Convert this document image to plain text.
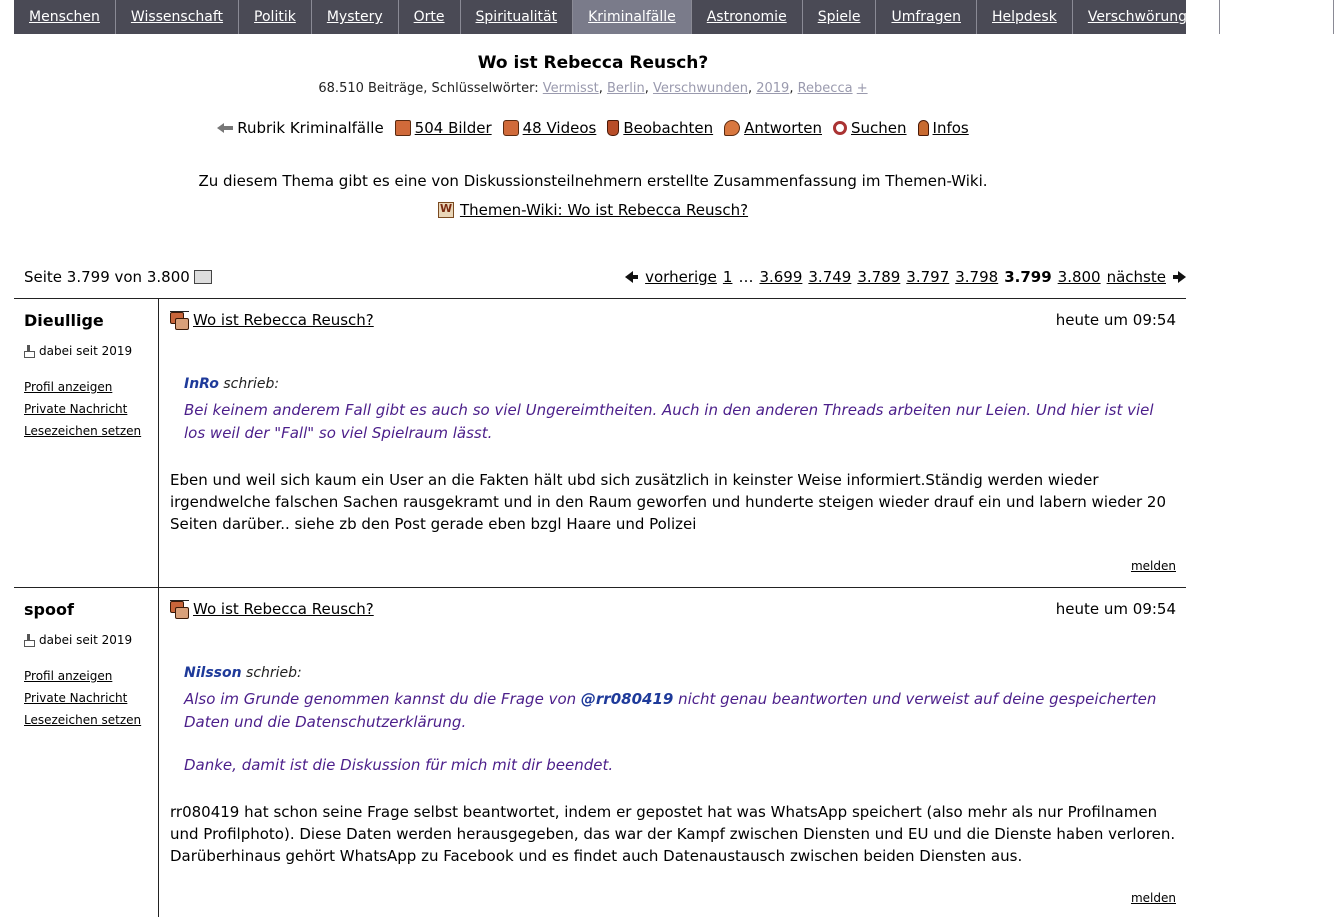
Menschen	Wissenschaft	Politik	Mystery	Orte	Spiritualität	Kriminalfälle	Astronomie	Spiele	Umfragen	Helpdesk	Verschwörungen	Technologie
Wo ist Rebecca Reusch?
68.510 Beiträge, Schlüsselwörter: Vermisst, Berlin, Verschwunden, 2019, Rebecca +
Rubrik Kriminalfälle 504 Bilder 48 Videos Beobachten Antworten Suchen Infos
Zu diesem Thema gibt es eine von Diskussionsteilnehmern erstellte Zusammenfassung im Themen-Wiki.
W
Themen-Wiki: Wo ist Rebecca Reusch?
Seite 3.799 von 3.800	vorherige 1 … 3.699 3.749 3.789 3.797 3.798 3.799 3.800 nächste
Dieullige
dabei seit 2019
Profil anzeigen
Private Nachricht
Lesezeichen setzen
Wo ist Rebecca Reusch?	heute um 09:54
InRo schrieb:
Bei keinem anderem Fall gibt es auch so viel Ungereimtheiten. Auch in den anderen Threads arbeiten nur Leien. Und hier ist viel los weil der "Fall" so viel Spielraum lässt.
Eben und weil sich kaum ein User an die Fakten hält ubd sich zusätzlich in keinster Weise informiert.Ständig werden wieder irgendwelche falschen Sachen rausgekramt und in den Raum geworfen und hunderte steigen wieder drauf ein und labern wieder 20 Seiten darüber.. siehe zb den Post gerade eben bzgl Haare und Polizei
melden
spoof
dabei seit 2019
Profil anzeigen
Private Nachricht
Lesezeichen setzen
Wo ist Rebecca Reusch?	heute um 09:54
Nilsson schrieb:
Also im Grunde genommen kannst du die Frage von @rr080419 nicht genau beantworten und verweist auf deine gespeicherten Daten und die Datenschutzerklärung.
Danke, damit ist die Diskussion für mich mit dir beendet.
rr080419 hat schon seine Frage selbst beantwortet, indem er gepostet hat was WhatsApp speichert (also mehr als nur Profilnamen und Profilphoto). Diese Daten werden herausgegeben, das war der Kampf zwischen Diensten und EU und die Dienste haben verloren. Darüberhinaus gehört WhatsApp zu Facebook und es findet auch Datenaustausch zwischen beiden Diensten aus.
melden
